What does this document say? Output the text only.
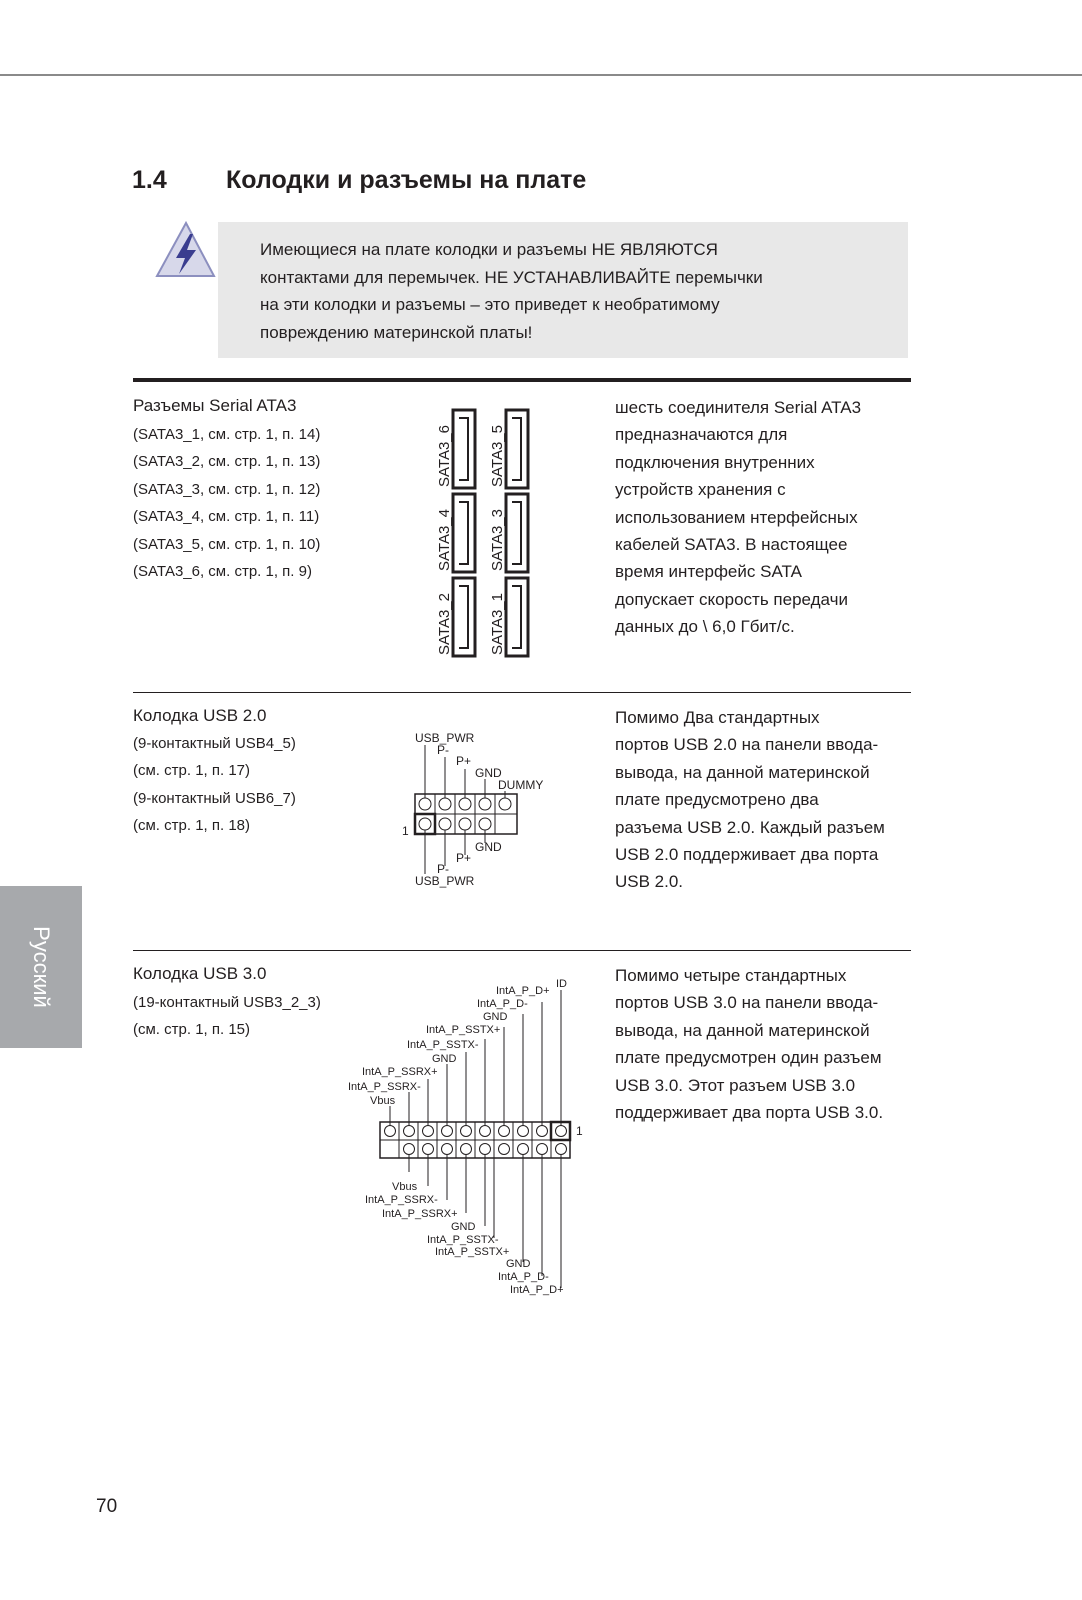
1.4 Колодки и разъемы на плате
Имеющиеся на плате колодки и разъемы НЕ ЯВЛЯЮТСЯ
контактами для перемычек. НЕ УСТАНАВЛИВАЙТЕ перемычки
на эти колодки и разъемы – это приведет к необратимому
повреждению материнской платы!
Разъемы Serial ATA3
(SATA3_1, см. стр. 1, п. 14)
(SATA3_2, см. стр. 1, п. 13)
(SATA3_3, см. стр. 1, п. 12)
(SATA3_4, см. стр. 1, п. 11)
(SATA3_5, см. стр. 1, п. 10)
(SATA3_6, см. стр. 1, п. 9)
шесть соединителя Serial ATA3
предназначаются для
подключения внутренних
устройств хранения с
использованием нтерфейсных
кабелей SATA3. В настоящее
время интерфейс SATA
допускает скорость передачи
данных до \ 6,0 Гбит/с.
SATA3_6 SATA3_5
SATA3_4 SATA3_3
SATA3_2 SATA3_1
Колодка USB 2.0
(9-контактный USB4_5)
(см. стр. 1, п. 17)
(9-контактный USB6_7)
(см. стр. 1, п. 18)
Помимо Два стандартных
портов USB 2.0 на панели ввода-
вывода, на данной материнской
плате предусмотрено два
разъема USB 2.0. Каждый разъем
USB 2.0 поддерживает два порта
USB 2.0.
USB_PWR
P-
P+
GND
DUMMY
1
GND
P+
P-
USB_PWR
Колодка USB 3.0
(19-контактный USB3_2_3)
(см. стр. 1, п. 15)
Помимо четыре стандартных
портов USB 3.0 на панели ввода-
вывода, на данной материнской
плате предусмотрен один разъем
USB 3.0. Этот разъем USB 3.0
поддерживает два порта USB 3.0.
ID
IntA_P_D+
IntA_P_D-
GND
IntA_P_SSTX+
IntA_P_SSTX-
GND
IntA_P_SSRX+
IntA_P_SSRX-
Vbus
1
Vbus
IntA_P_SSRX-
IntA_P_SSRX+
GND
IntA_P_SSTX-
IntA_P_SSTX+
GND
IntA_P_D-
IntA_P_D+
Русский
70
